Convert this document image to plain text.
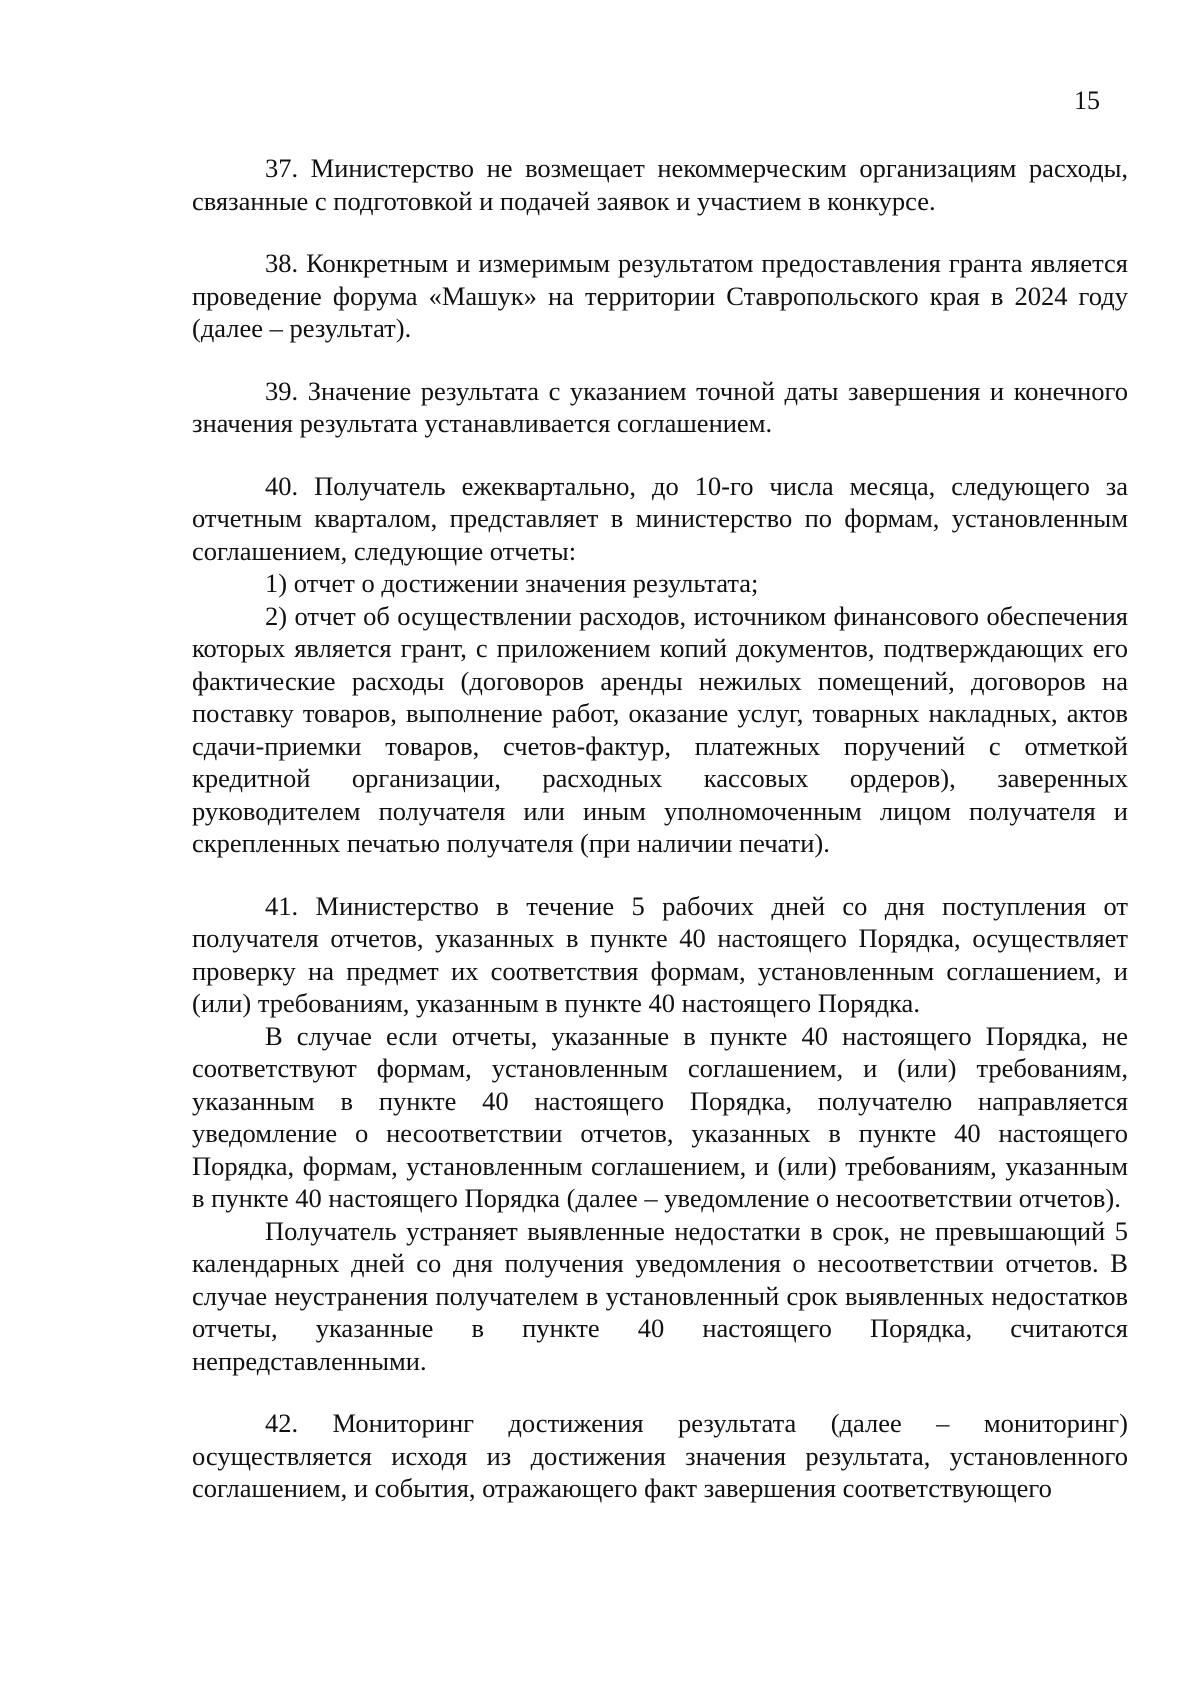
15

37. Министерство не возмещает некоммерческим организациям расходы, связанные с подготовкой и подачей заявок и участием в конкурсе.

38. Конкретным и измеримым результатом предоставления гранта является проведение форума «Машук» на территории Ставропольского края в 2024 году (далее – результат).

39. Значение результата с указанием точной даты завершения и конечного значения результата устанавливается соглашением.

40. Получатель ежеквартально, до 10-го числа месяца, следующего за отчетным кварталом, представляет в министерство по формам, установленным соглашением, следующие отчеты:

1) отчет о достижении значения результата;

2) отчет об осуществлении расходов, источником финансового обеспечения которых является грант, с приложением копий документов, подтверждающих его фактические расходы (договоров аренды нежилых помещений, договоров на поставку товаров, выполнение работ, оказание услуг, товарных накладных, актов сдачи-приемки товаров, счетов-фактур, платежных поручений с отметкой кредитной организации, расходных кассовых ордеров), заверенных руководителем получателя или иным уполномоченным лицом получателя и скрепленных печатью получателя (при наличии печати).

41. Министерство в течение 5 рабочих дней со дня поступления от получателя отчетов, указанных в пункте 40 настоящего Порядка, осуществляет проверку на предмет их соответствия формам, установленным соглашением, и (или) требованиям, указанным в пункте 40 настоящего Порядка.

В случае если отчеты, указанные в пункте 40 настоящего Порядка, не соответствуют формам, установленным соглашением, и (или) требованиям, указанным в пункте 40 настоящего Порядка, получателю направляется уведомление о несоответствии отчетов, указанных в пункте 40 настоящего Порядка, формам, установленным соглашением, и (или) требованиям, указанным в пункте 40 настоящего Порядка (далее – уведомление о несоответствии отчетов).

Получатель устраняет выявленные недостатки в срок, не превышающий 5 календарных дней со дня получения уведомления о несоответствии отчетов. В случае неустранения получателем в установленный срок выявленных недостатков отчеты, указанные в пункте 40 настоящего Порядка, считаются непредставленными.

42. Мониторинг достижения результата (далее – мониторинг) осуществляется исходя из достижения значения результата, установленного соглашением, и события, отражающего факт завершения соответствующего
